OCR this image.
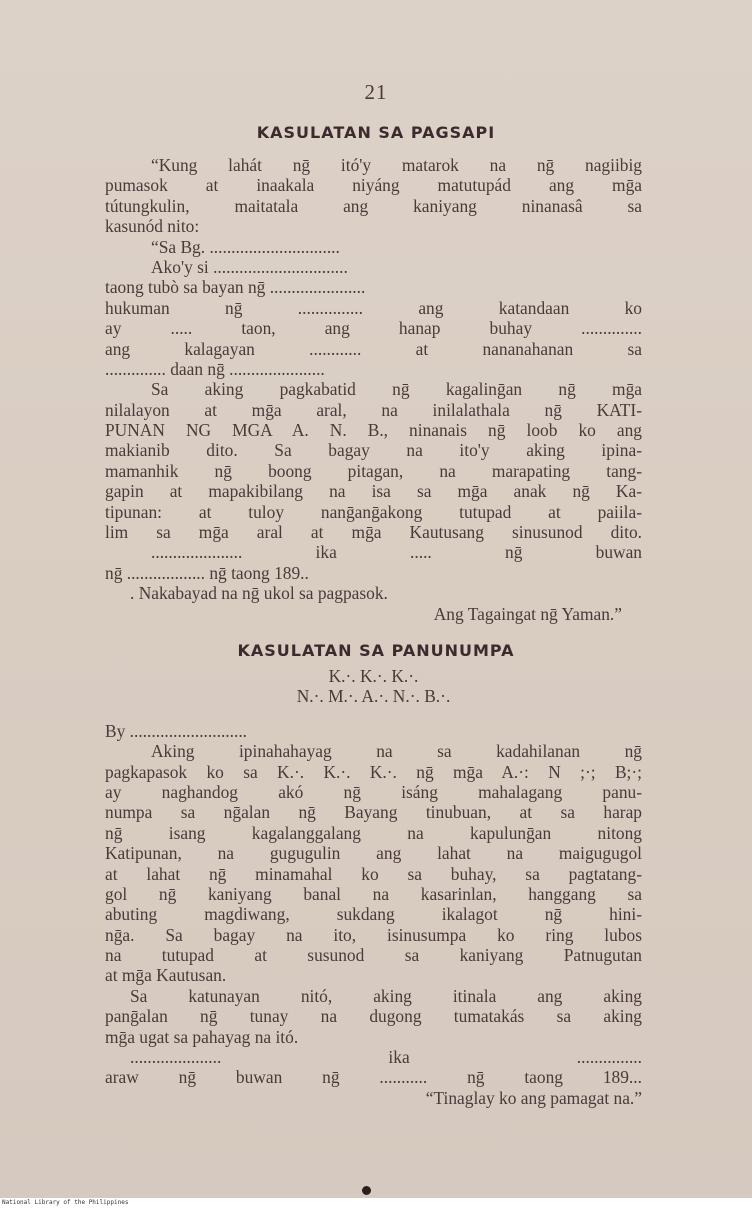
21
KASULATAN SA PAGSAPI
“Kung lahát nḡ itó'y matarok na nḡ nagiibig
pumasok at inaakala niyáng matutupád ang mḡa
tútungkulin, maitatala ang kaniyang ninanasâ sa
kasunód nito:
“Sa Bg. ..............................
Ako'y si ...............................
taong tubò sa bayan nḡ ......................
hukuman nḡ ............... ang katandaan ko
ay ..... taon, ang hanap buhay ..............
ang kalagayan ............ at nananahanan sa
.............. daan nḡ ......................
Sa aking pagkabatid nḡ kagalinḡan nḡ mḡa
nilalayon at mḡa aral, na inilalathala nḡ KATI-
PUNAN NG MGA A. N. B., ninanais nḡ loob ko ang
makianib dito. Sa bagay na ito'y aking ipina-
mamanhik nḡ boong pitagan, na marapating tang-
gapin at mapakibilang na isa sa mḡa anak nḡ Ka-
tipunan: at tuloy nanḡanḡakong tutupad at paiila-
lim sa mḡa aral at mḡa Kautusang sinusunod dito.
..................... ika ..... nḡ buwan
nḡ .................. nḡ taong 189..
. Nakabayad na nḡ ukol sa pagpasok.
Ang Tagaingat nḡ Yaman.”
KASULATAN SA PANUNUMPA
K.·. K.·. K.·.
N.·. M.·. A.·. N.·. B.·.
By ...........................
Aking ipinahahayag na sa kadahilanan nḡ
pagkapasok ko sa K.·. K.·. K.·. nḡ mḡa A.·: N ;·; B;·;
ay naghandog akó nḡ isáng mahalagang panu-
numpa sa nḡalan nḡ Bayang tinubuan, at sa harap
nḡ isang kagalanggalang na kapulunḡan nitong
Katipunan, na gugugulin ang lahat na maigugugol
at lahat nḡ minamahal ko sa buhay, sa pagtatang-
gol nḡ kaniyang banal na kasarinlan, hanggang sa
abuting magdiwang, sukdang ikalagot nḡ hini-
nḡa. Sa bagay na ito, isinusumpa ko ring lubos
na tutupad at susunod sa kaniyang Patnugutan
at mḡa Kautusan.
Sa katunayan nitó, aking itinala ang aking
panḡalan nḡ tunay na dugong tumatakás sa aking
mḡa ugat sa pahayag na itó.
..................... ika ...............
araw nḡ buwan nḡ ........... nḡ taong 189...
“Tinaglay ko ang pamagat na.”
National Library of the Philippines
